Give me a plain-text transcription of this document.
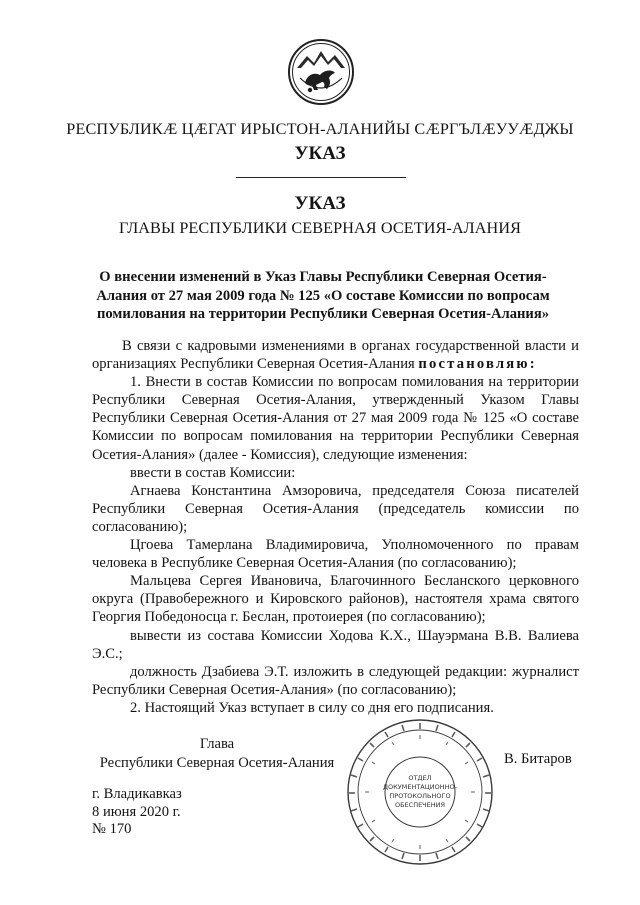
РЕСПУБЛИКӔ ЦӔГАТ ИРЫСТОН-АЛАНИЙЫ СӔРГЪЛӔУУӔДЖЫ
УКАЗ
УКАЗ
ГЛАВЫ РЕСПУБЛИКИ СЕВЕРНАЯ ОСЕТИЯ-АЛАНИЯ
О внесении изменений в Указ Главы Республики Северная Осетия-
Алания от 27 мая 2009 года № 125 «О составе Комиссии по вопросам
помилования на территории Республики Северная Осетия-Алания»

В связи с кадровыми изменениями в органах государственной власти и организациях Республики Северная Осетия-Алания постановляю:

1. Внести в состав Комиссии по вопросам помилования на территории Республики Северная Осетия-Алания, утвержденный Указом Главы Республики Северная Осетия-Алания от 27 мая 2009 года № 125 «О составе Комиссии по вопросам помилования на территории Республики Северная Осетия-Алания» (далее - Комиссия), следующие изменения:

ввести в состав Комиссии:

Агнаева Константина Амзоровича, председателя Союза писателей Республики Северная Осетия-Алания (председатель комиссии по согласованию);

Цгоева Тамерлана Владимировича, Уполномоченного по правам человека в Республике Северная Осетия-Алания (по согласованию);

Мальцева Сергея Ивановича, Благочинного Бесланского церковного округа (Правобережного и Кировского районов), настоятеля храма святого Георгия Победоносца г. Беслан, протоиерея (по согласованию);

вывести из состава Комиссии Ходова К.Х., Шауэрмана В.В. Валиева Э.С.;

должность Дзабиева Э.Т. изложить в следующей редакции: журналист Республики Северная Осетия-Алания» (по согласованию);

2. Настоящий Указ вступает в силу со дня его подписания.

Глава
Республики Северная Осетия-Алания	В. Битаров
ОТДЕЛ
ДОКУМЕНТАЦИОННО-
ПРОТОКОЛЬНОГО
ОБЕСПЕЧЕНИЯ
г. Владикавказ
8 июня 2020 г.
№ 170
